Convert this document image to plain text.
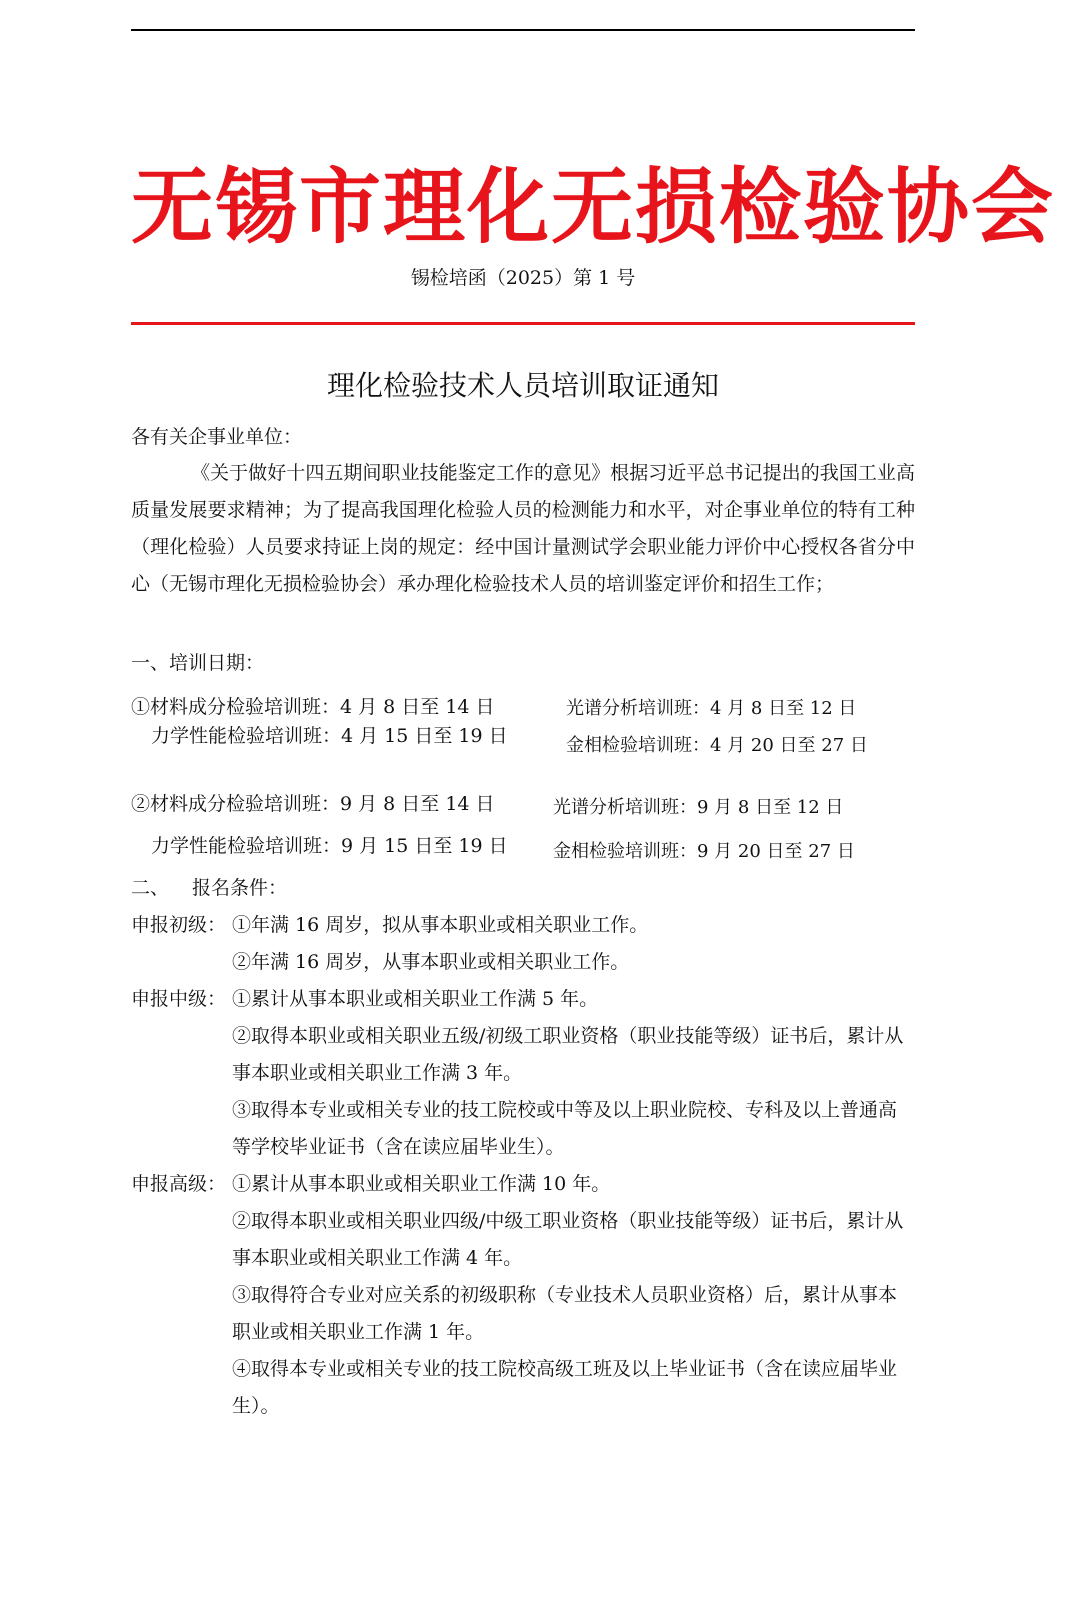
无锡市理化无损检验协会
锡检培函（2025）第 1 号
理化检验技术人员培训取证通知
各有关企事业单位：
《关于做好十四五期间职业技能鉴定工作的意见》根据习近平总书记提出的我国工业高质量发展要求精神；为了提高我国理化检验人员的检测能力和水平，对企事业单位的特有工种（理化检验）人员要求持证上岗的规定：经中国计量测试学会职业能力评价中心授权各省分中心（无锡市理化无损检验协会）承办理化检验技术人员的培训鉴定评价和招生工作；
一、培训日期：
①材料成分检验培训班：4 月 8 日至 14 日
力学性能检验培训班：4 月 15 日至 19 日
光谱分析培训班：4 月 8 日至 12 日
金相检验培训班：4 月 20 日至 27 日
②材料成分检验培训班：9 月 8 日至 14 日
力学性能检验培训班：9 月 15 日至 19 日
光谱分析培训班：9 月 8 日至 12 日
金相检验培训班：9 月 20 日至 27 日
二、 报名条件：
申报初级： ①年满 16 周岁，拟从事本职业或相关职业工作。
②年满 16 周岁，从事本职业或相关职业工作。
申报中级： ①累计从事本职业或相关职业工作满 5 年。
②取得本职业或相关职业五级/初级工职业资格（职业技能等级）证书后，累计从事本职业或相关职业工作满 3 年。
③取得本专业或相关专业的技工院校或中等及以上职业院校、专科及以上普通高等学校毕业证书（含在读应届毕业生）。
申报高级： ①累计从事本职业或相关职业工作满 10 年。
②取得本职业或相关职业四级/中级工职业资格（职业技能等级）证书后，累计从事本职业或相关职业工作满 4 年。
③取得符合专业对应关系的初级职称（专业技术人员职业资格）后，累计从事本职业或相关职业工作满 1 年。
④取得本专业或相关专业的技工院校高级工班及以上毕业证书（含在读应届毕业生）。
